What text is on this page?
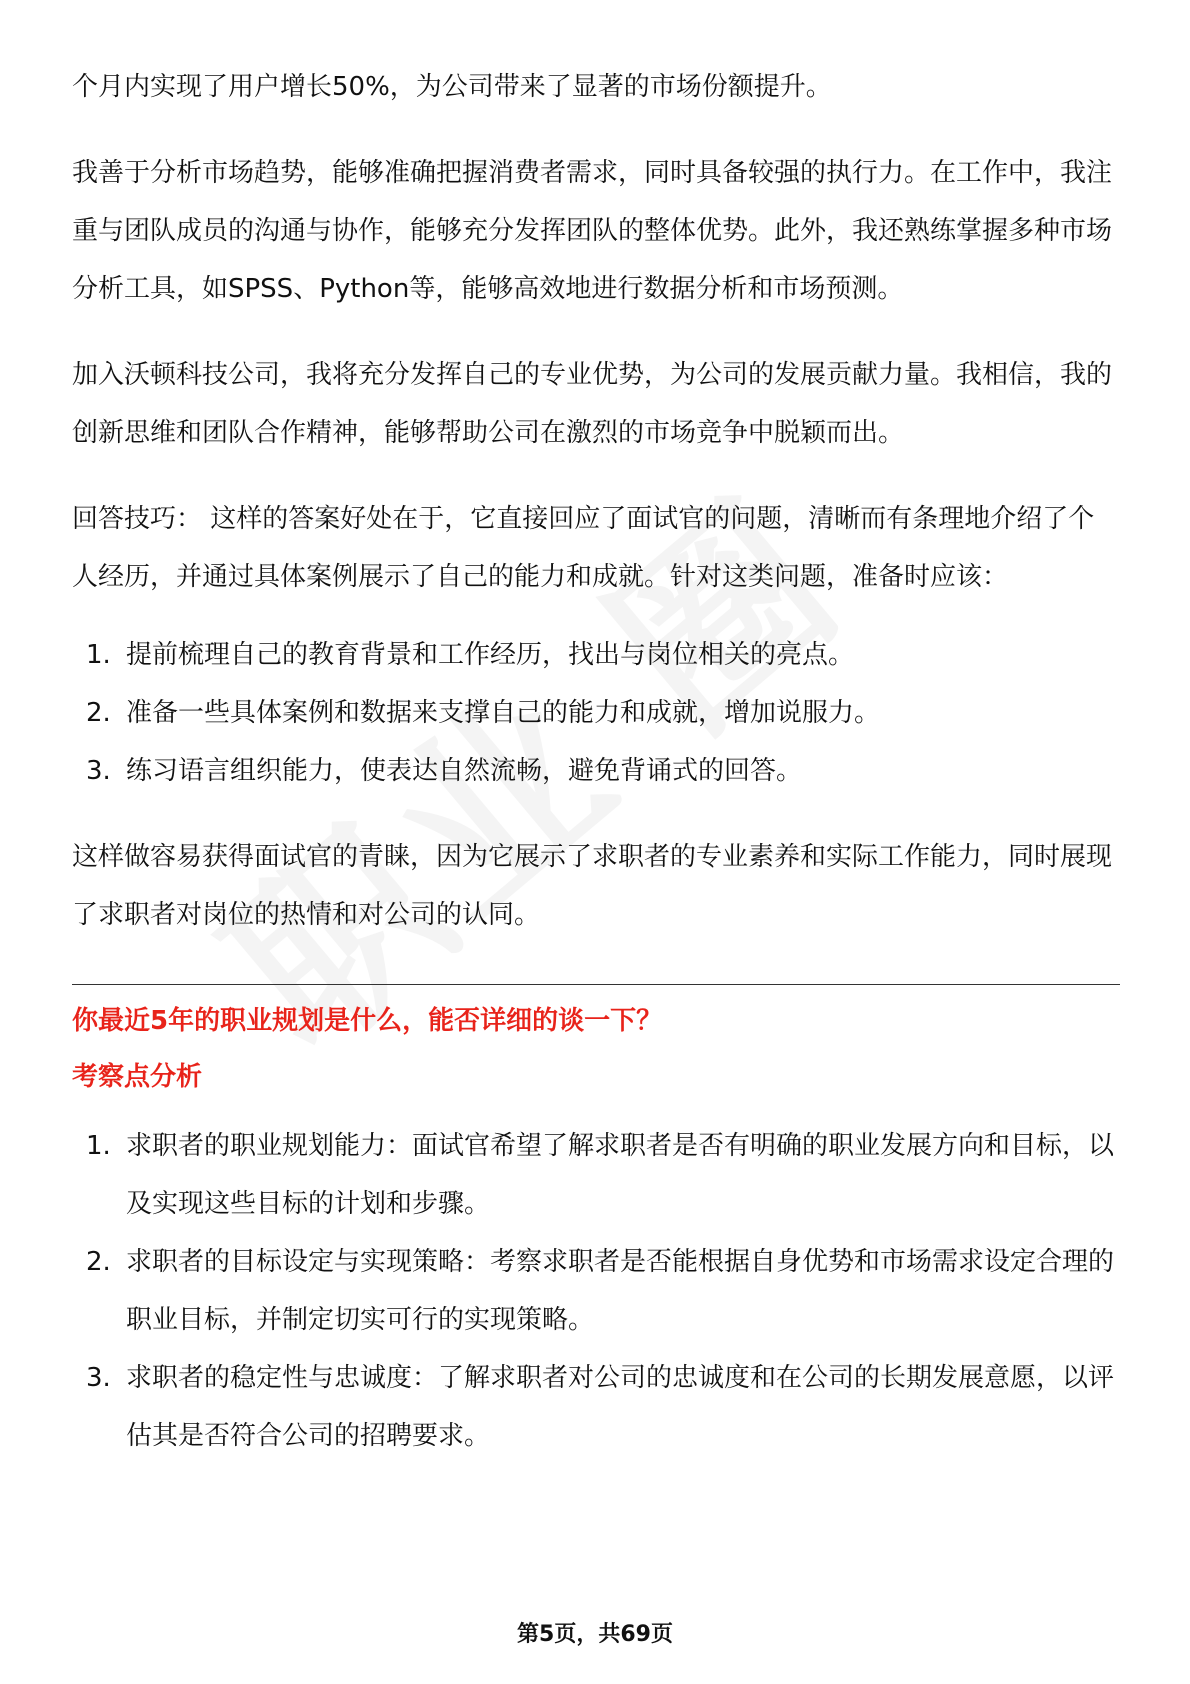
个月内实现了用户增长50%，为公司带来了显著的市场份额提升。

我善于分析市场趋势，能够准确把握消费者需求，同时具备较强的执行力。在工作中，我注重与团队成员的沟通与协作，能够充分发挥团队的整体优势。此外，我还熟练掌握多种市场分析工具，如SPSS、Python等，能够高效地进行数据分析和市场预测。

加入沃顿科技公司，我将充分发挥自己的专业优势，为公司的发展贡献力量。我相信，我的创新思维和团队合作精神，能够帮助公司在激烈的市场竞争中脱颖而出。

回答技巧： 这样的答案好处在于，它直接回应了面试官的问题，清晰而有条理地介绍了个人经历，并通过具体案例展示了自己的能力和成就。针对这类问题，准备时应该：

1. 提前梳理自己的教育背景和工作经历，找出与岗位相关的亮点。
2. 准备一些具体案例和数据来支撑自己的能力和成就，增加说服力。
3. 练习语言组织能力，使表达自然流畅，避免背诵式的回答。

这样做容易获得面试官的青睐，因为它展示了求职者的专业素养和实际工作能力，同时展现了求职者对岗位的热情和对公司的认同。

你最近5年的职业规划是什么，能否详细的谈一下？
考察点分析
1. 求职者的职业规划能力：面试官希望了解求职者是否有明确的职业发展方向和目标，以及实现这些目标的计划和步骤。
2. 求职者的目标设定与实现策略：考察求职者是否能根据自身优势和市场需求设定合理的职业目标，并制定切实可行的实现策略。
3. 求职者的稳定性与忠诚度：了解求职者对公司的忠诚度和在公司的长期发展意愿，以评估其是否符合公司的招聘要求。
第5页，共69页
